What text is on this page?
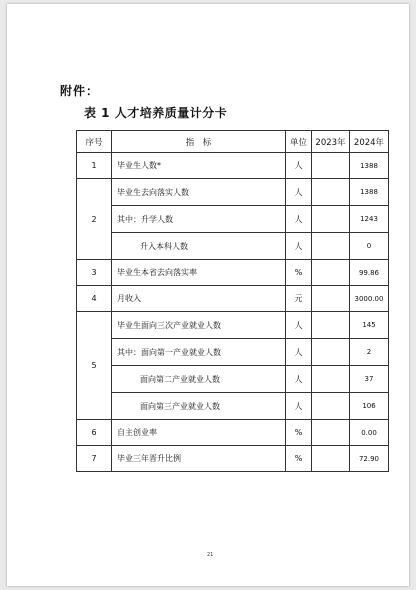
附件：
表 1 人才培养质量计分卡
序号	指　标	单位	2023年	2024年
1	毕业生人数*	人		1388
2	毕业生去向落实人数	人		1388
	其中：升学人数	人		1243
	升入本科人数	人		0
3	毕业生本省去向落实率	%		99.86
4	月收入	元		3000.00
5	毕业生面向三次产业就业人数	人		145
	其中：面向第一产业就业人数	人		2
	面向第二产业就业人数	人		37
	面向第三产业就业人数	人		106
6	自主创业率	%		0.00
7	毕业三年晋升比例	%		72.90
21
